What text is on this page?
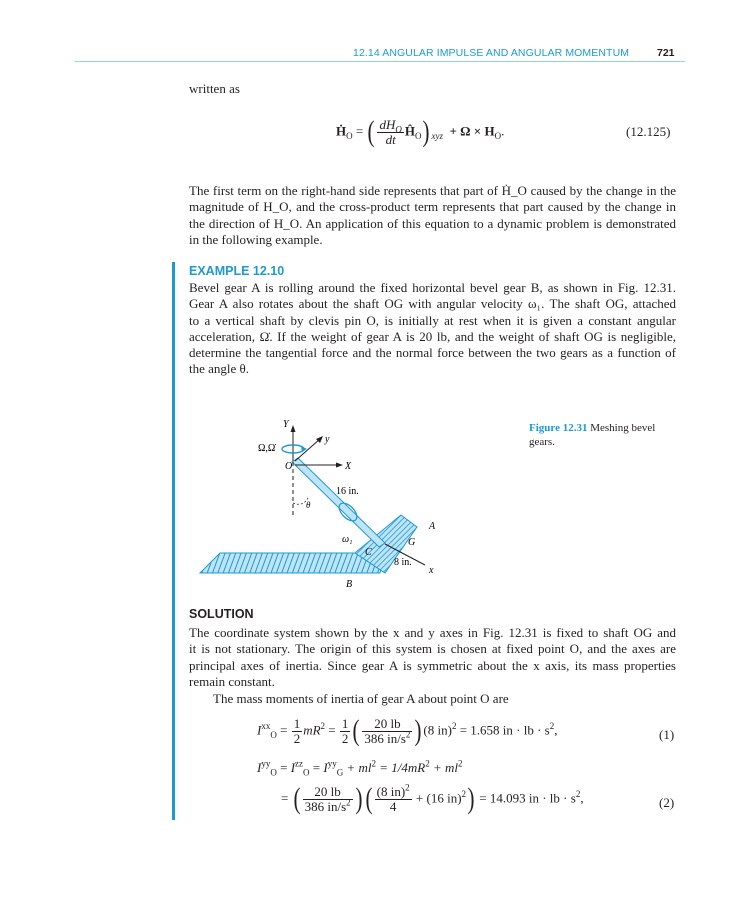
12.14 ANGULAR IMPULSE AND ANGULAR MOMENTUM	721
written as
Ḣ$_O$ = ( $\frac{dH_O}{dt}$ $Ĥ_O$) $_{xyz} + \Omega \times H_O$.	(12.125)
The first term on the right-hand side represents that part of Ḣ_O caused by the change in the
magnitude of H_O, and the cross-product term represents that part caused by the change in
the direction of H_O. An application of this equation to a dynamic problem is demonstrated
in the following example.
EXAMPLE 12.10
Bevel gear A is rolling around the fixed horizontal bevel gear B, as shown in Fig. 12.31.
Gear A also rotates about the shaft OG with angular velocity ω₁. The shaft OG, attached
to a vertical shaft by clevis pin O, is initially at rest when it is given a constant angular
acceleration, Ω̇. If the weight of gear A is 20 lb, and the weight of shaft OG is negligible,
determine the tangential force and the normal force between the two gears as a function of
the angle θ.
Y
y
X
O
Ω,Ω̇
16 in.
θ
ω₁
C
A
G
8 in.
x
B
Figure 12.31 Meshing bevel gears.
SOLUTION
The coordinate system shown by the x and y axes in Fig. 12.31 is fixed to shaft OG and
it is not stationary. The origin of this system is chosen at fixed point O, and the axes are
principal axes of inertia. Since gear A is symmetric about the x axis, its mass properties
remain constant.
The mass moments of inertia of gear A about point O are
$I^{xx}_O = \frac{1}{2} mR^2 = \frac{1}{2}$ ( $\frac{20 lb}{386 in/s^2}$ ) (8 in)$^2$ = 1.658 in · lb · $s^2$,	(1)
$I^{yy}_O = I^{zz}_O = I^{yy}_G + ml^2 = 1/4mR^2 + ml^2$
= ( $\frac{20 lb}{386 in/s^2}$ ) ( $\frac{(8 in)^2}{4} + (16$ in)$^2$) = 14.093 in · lb · $s^2$,	(2)
